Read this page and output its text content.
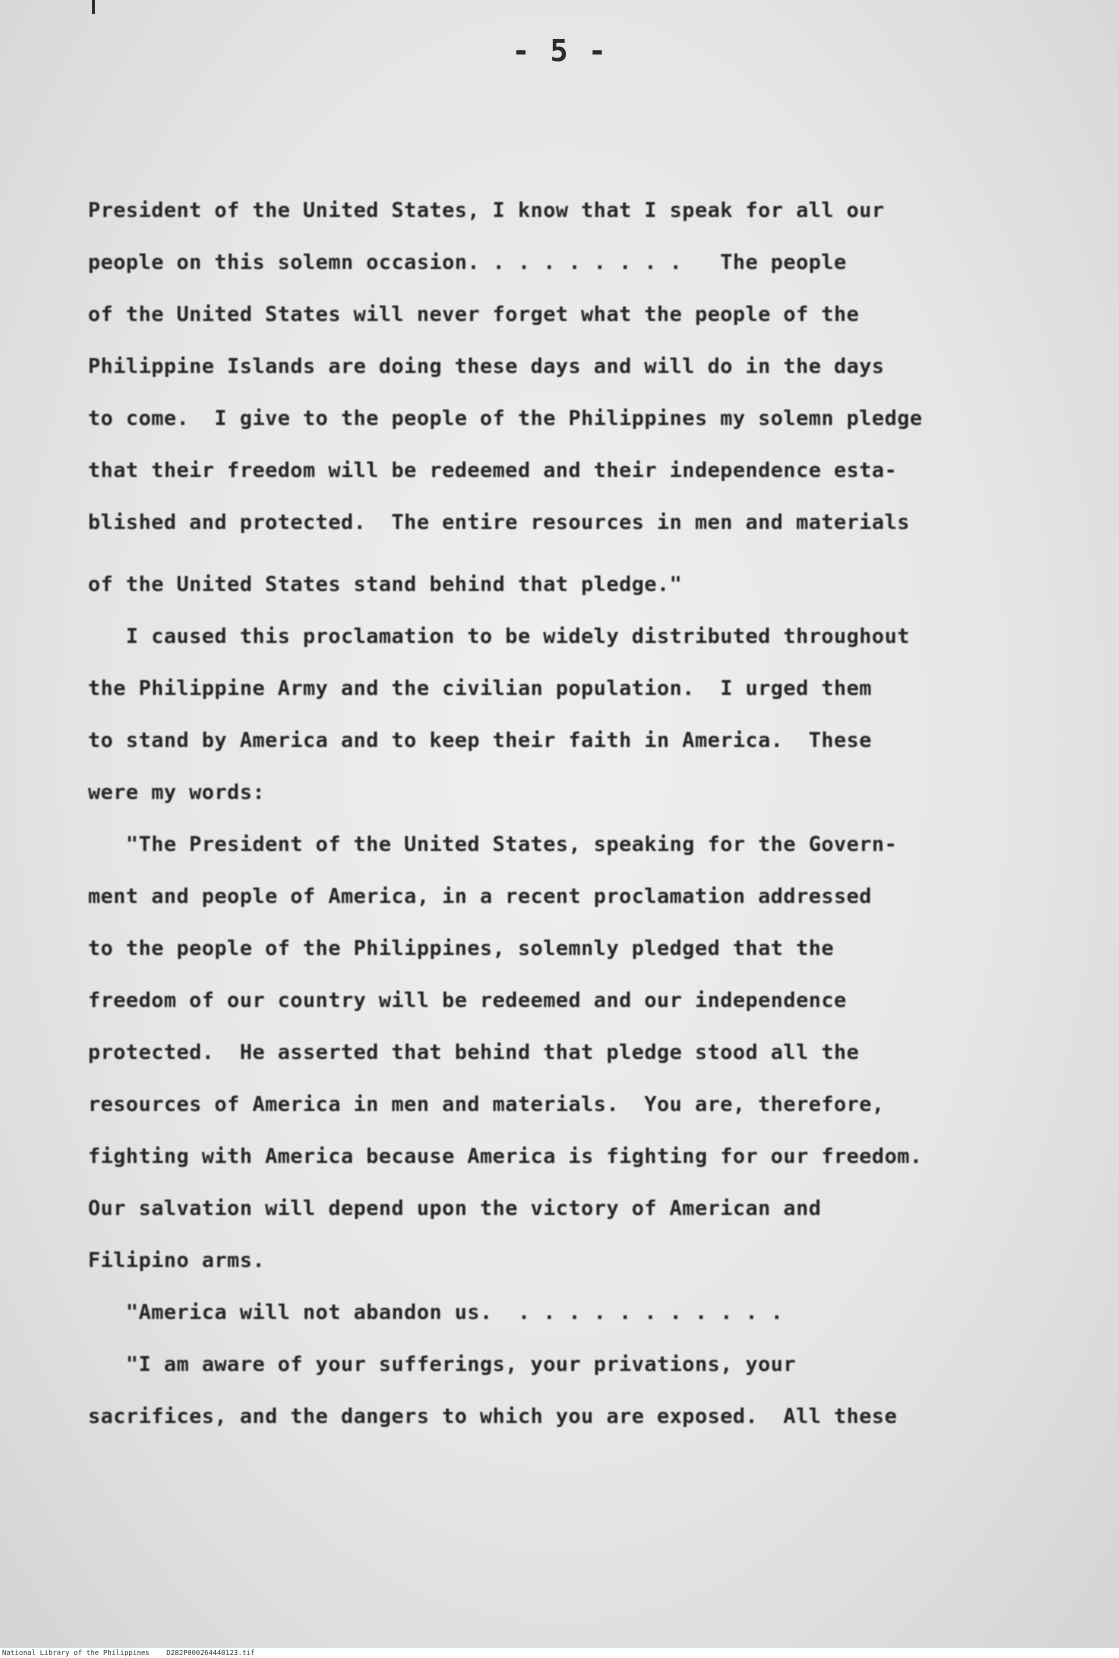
- 5 -
President of the United States, I know that I speak for all our
people on this solemn occasion. . . . . . . . .   The people
of the United States will never forget what the people of the
Philippine Islands are doing these days and will do in the days
to come.  I give to the people of the Philippines my solemn pledge
that their freedom will be redeemed and their independence esta-
blished and protected.  The entire resources in men and materials
of the United States stand behind that pledge."
I caused this proclamation to be widely distributed throughout
the Philippine Army and the civilian population.  I urged them
to stand by America and to keep their faith in America.  These
were my words:
"The President of the United States, speaking for the Govern-
ment and people of America, in a recent proclamation addressed
to the people of the Philippines, solemnly pledged that the
freedom of our country will be redeemed and our independence
protected.  He asserted that behind that pledge stood all the
resources of America in men and materials.  You are, therefore,
fighting with America because America is fighting for our freedom.
Our salvation will depend upon the victory of American and
Filipino arms.
"America will not abandon us.  . . . . . . . . . . .
"I am aware of your sufferings, your privations, your
sacrifices, and the dangers to which you are exposed.  All these
National Library of the Philippines    D282P000264440123.tif
